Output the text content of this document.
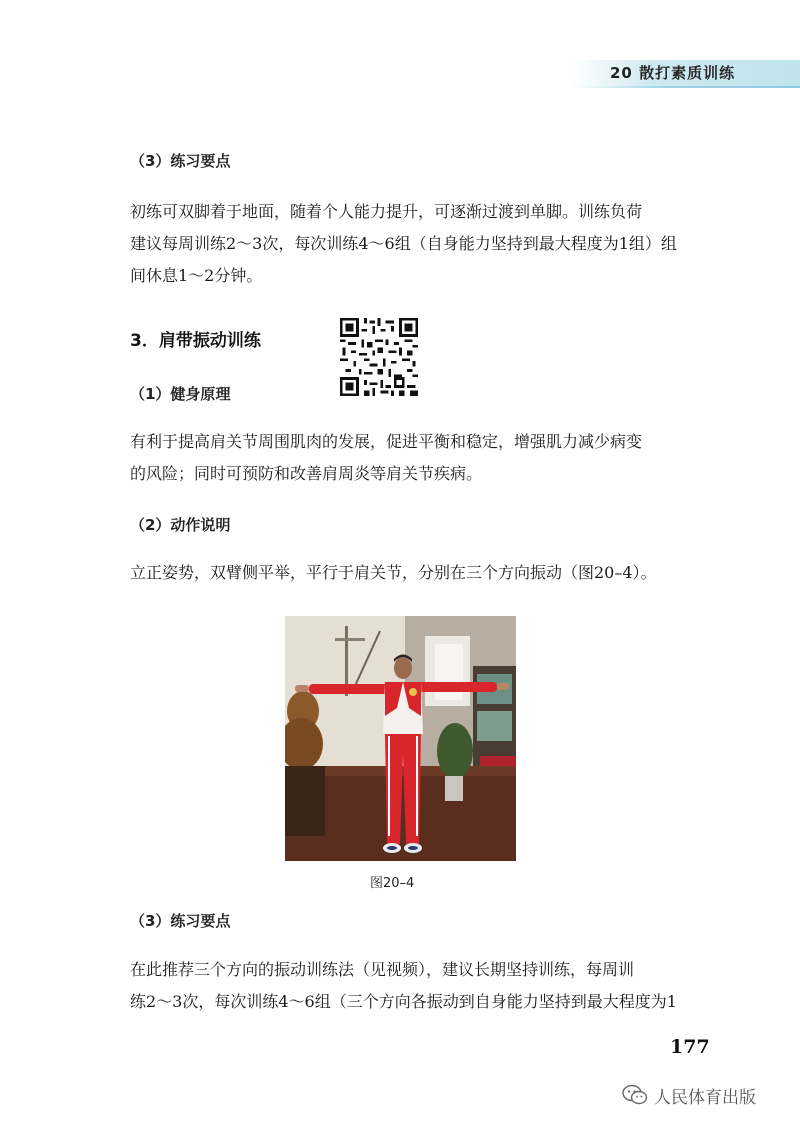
20 散打素质训练
（3）练习要点
初练可双脚着于地面，随着个人能力提升，可逐渐过渡到单脚。训练负荷
建议每周训练2～3次，每次训练4～6组（自身能力坚持到最大程度为1组）组
间休息1～2分钟。
3．肩带振动训练
（1）健身原理
有利于提高肩关节周围肌肉的发展，促进平衡和稳定，增强肌力减少病变
的风险；同时可预防和改善肩周炎等肩关节疾病。
（2）动作说明
立正姿势，双臂侧平举，平行于肩关节，分别在三个方向振动（图20–4）。
图20–4
（3）练习要点
在此推荐三个方向的振动训练法（见视频），建议长期坚持训练，每周训
练2～3次，每次训练4～6组（三个方向各振动到自身能力坚持到最大程度为1
177
人民体育出版
